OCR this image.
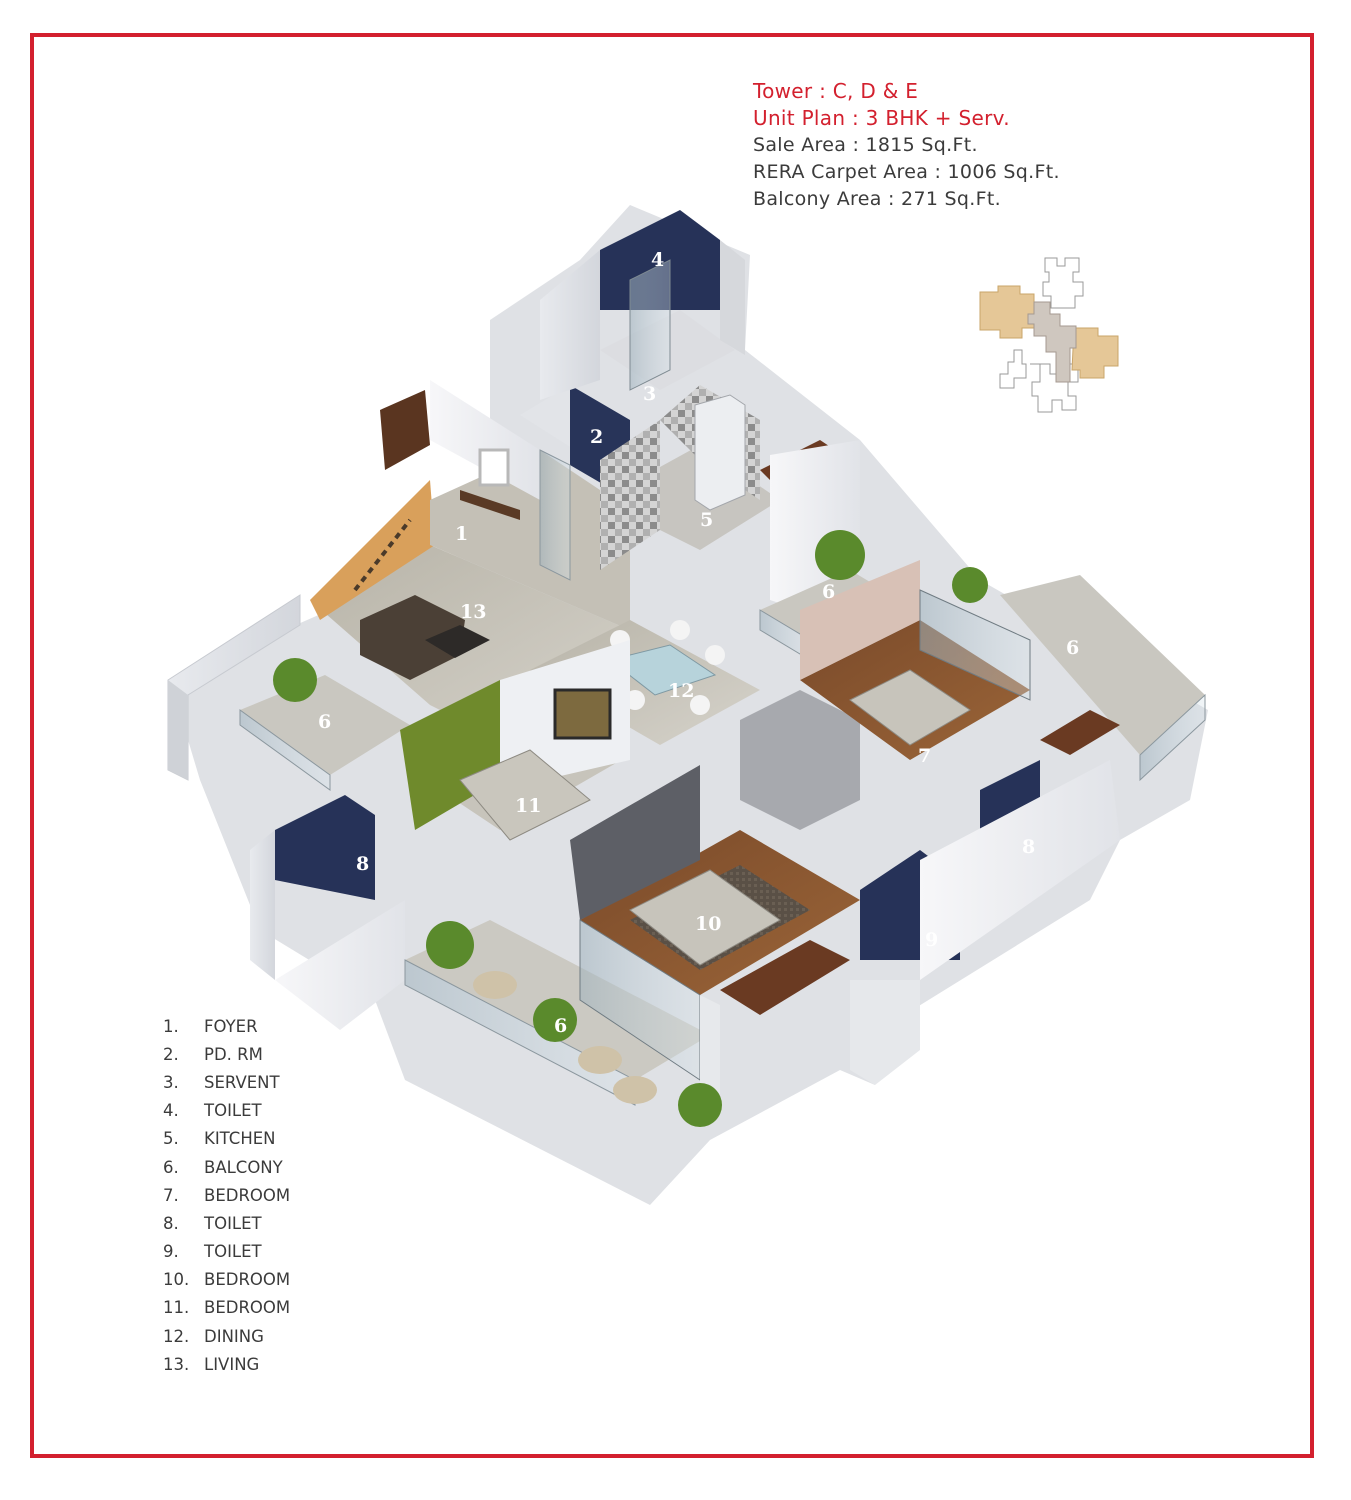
Tower : C, D & E
Unit Plan : 3 BHK + Serv.
Sale Area : 1815 Sq.Ft.
RERA Carpet Area : 1006 Sq.Ft.
Balcony Area : 271 Sq.Ft.
1
2
3
4
5
6
6
6
6
7
8
8
9
10
11
12
13
1.	FOYER
2.	PD. RM
3.	SERVENT
4.	TOILET
5.	KITCHEN
6.	BALCONY
7.	BEDROOM
8.	TOILET
9.	TOILET
10. BEDROOM
11. BEDROOM
12. DINING
13. LIVING
